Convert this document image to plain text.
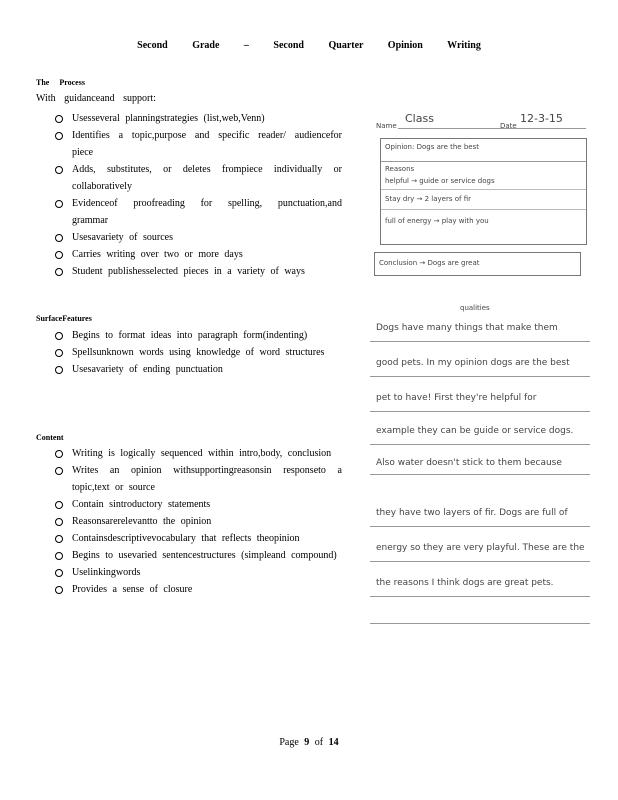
Second Grade – Second Quarter Opinion Writing
The Process
With guidanceand support:
Usesseveral planningstrategies (list,web,Venn)
Identifies a topic,purpose and specific reader/ audiencefor piece
Adds, substitutes, or deletes frompiece individually or collaboratively
Evidenceof proofreading for spelling, punctuation,and grammar
Usesavariety of sources
Carries writing over two or more days
Student publishesselected pieces in a variety of ways
SurfaceFeatures
Begins to format ideas into paragraph form(indenting)
Spellsunknown words using knowledge of word structures
Usesavariety of ending punctuation
Content
Writing is logically sequenced within intro,body, conclusion
Writes an opinion withsupportingreasonsin responseto a topic,text or source
Contain sintroductory statements
Reasonsarerelevantto the opinion
Containsdescriptivevocabulary that reflects theopinion
Begins to usevaried sentencestructures (simpleand compound)
Uselinkingwords
Provides a sense of closure
Name
Class
Date
12-3-15
Opinion: Dogs are the best
Reasons
helpful → guide or service dogs
Stay dry → 2 layers of fir
full of energy → play with you
Conclusion → Dogs are great
qualities
Dogs have many things that make them
good pets. In my opinion dogs are the best
pet to have! First they're helpful for
example they can be guide or service dogs.
Also water doesn't stick to them because
they have two layers of fir. Dogs are full of
energy so they are very playful. These are the
the reasons I think dogs are great pets.
Page 9 of 14
